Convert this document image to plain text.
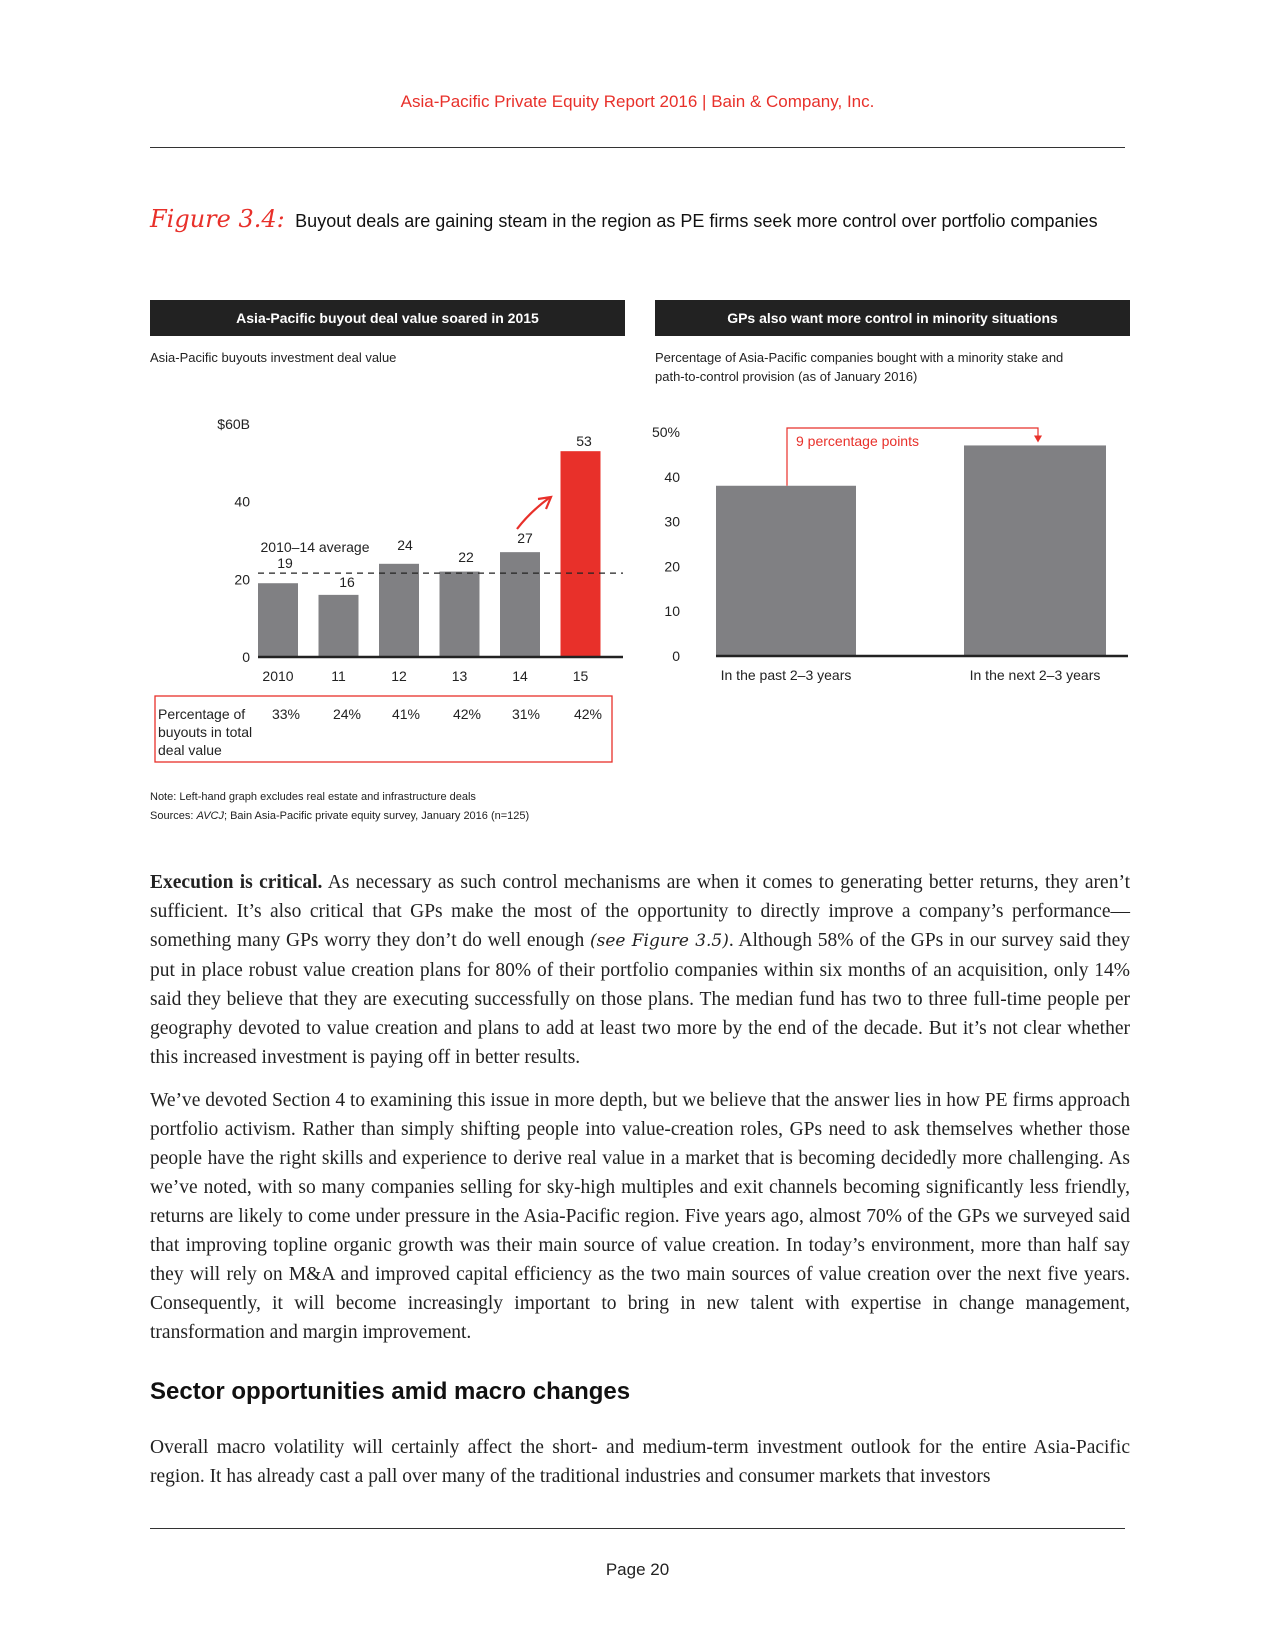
Asia-Pacific Private Equity Report 2016 | Bain & Company, Inc.
Figure 3.4: Buyout deals are gaining steam in the region as PE firms seek more control over portfolio companies
Asia-Pacific buyout deal value soared in 2015
Asia-Pacific buyouts investment deal value
0
20
40
$60B
2010	11	12	13	14	15
19
16
24
22
27
53
2010–14 average
Percentage of
buyouts in total
deal value
33% 24% 41% 42% 31% 42%
GPs also want more control in minority situations
Percentage of Asia-Pacific companies bought with a minority stake and
path-to-control provision (as of January 2016)
0
10
20
30
40
50%
In the past 2–3 years	In the next 2–3 years
9 percentage points
Note: Left-hand graph excludes real estate and infrastructure deals
Sources: AVCJ; Bain Asia-Pacific private equity survey, January 2016 (n=125)

Execution is critical. As necessary as such control mechanisms are when it comes to generating better returns, they aren’t sufficient. It’s also critical that GPs make the most of the opportunity to directly improve a company’s performance—something many GPs worry they don’t do well enough (see Figure 3.5). Although 58% of the GPs in our survey said they put in place robust value creation plans for 80% of their portfolio companies within six months of an acquisition, only 14% said they believe that they are executing successfully on those plans. The median fund has two to three full-time people per geography devoted to value creation and plans to add at least two more by the end of the decade. But it’s not clear whether this increased investment is paying off in better results.

We’ve devoted Section 4 to examining this issue in more depth, but we believe that the answer lies in how PE firms approach portfolio activism. Rather than simply shifting people into value-creation roles, GPs need to ask themselves whether those people have the right skills and experience to derive real value in a market that is becoming decidedly more challenging. As we’ve noted, with so many companies selling for sky-high multiples and exit channels becoming significantly less friendly, returns are likely to come under pressure in the Asia-Pacific region. Five years ago, almost 70% of the GPs we surveyed said that improving topline organic growth was their main source of value creation. In today’s environment, more than half say they will rely on M&A and improved capital efficiency as the two main sources of value creation over the next five years. Consequently, it will become increasingly important to bring in new talent with expertise in change management, transformation and margin improvement.

Sector opportunities amid macro changes

Overall macro volatility will certainly affect the short- and medium-term investment outlook for the entire Asia-Pacific region. It has already cast a pall over many of the traditional industries and consumer markets that investors

Page 20
